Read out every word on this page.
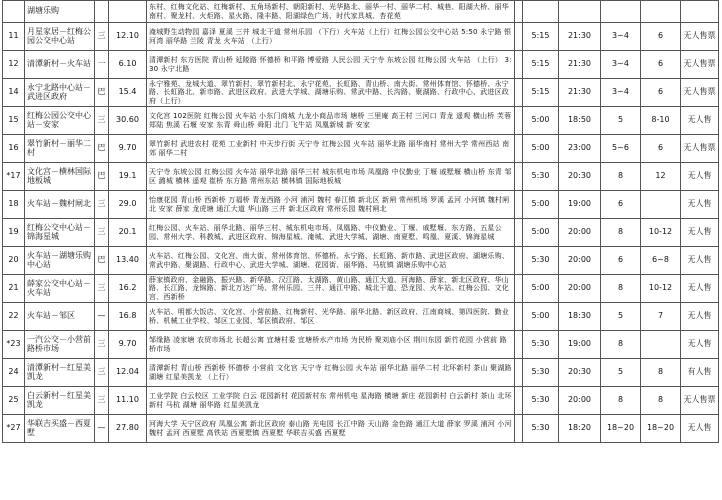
	湖塘乐购			东村、红梅文化站、红梅新村、五角场新村、朝阳新村、光华路北、丽华一村、丽华二村、城巷、阳湖大桥、丽华南村、聚龙村、火炬路、星火路、隆丰路、阳湖绿色广场、时代家具城、杏花苑						
11	月星家居－红梅公园公交中心站	三	12.10	淹城野生动物园 嘉泽 夏溪 三井 城北干道 常州乐园 （下行）火车站（上行）红梅公园公交中心站 5:50 永宁路 银河湾 丽华路 兰陵 青龙 火车站 （上行）		5:15	21:30	3~4	6	无人售票
12	清潭新村－火车站	一	6.10	清潭新村 东方医院 青山桥 延陵路 怀德桥 和平路 博爱路 人民公园 天宁寺 东坡公园 红梅公园 火车站 （上行） 3:30 永宁北路		5:15	21:30	3~4	6	无人售票
14	永宁北路中心站－武进区政府	巴	15.4	永宁雅苑、龙城大道、翠竹新村、翠竹新村北、永宁花苑、长虹路、青山桥、南大街、常州体育馆、怀德桥、永宁路、长虹路北、新市路、武进区政府、武进大学城、湖塘乐购、常武中路、长沟路、聚湖路、行政中心、武进区政府（上行）		5:15	21:30	3~4	6	无人售票
15	红梅公园公交中心站－安家	三	30.60	文化宫 102医院 红梅公园 火车站 小东门商城 九龙小商品市场 塘桥 三里庵 高王村 三河口 青龙 遥观 横山桥 芙蓉 郑陆 焦溪 石堰 安家 东青 舜山桥 舜阳 北门 飞牛站 凤凰新城 新 安家		5:00	18:50	5	8-10	无人售
16	翠竹新村－丽华二村	巴	9.70	翠竹新村 武进农村 花苑 工业新村 中天步行街 天宁寺 红梅公园 火车站 丽华北路 丽华南村 常州大学 常州西站 南郊 丽华二村		5:00	23:00	5~6	6	无人售票
*17	文化宫－横林国际地板城	巴	19.1	天宁寺 东坡公园 红梅公园 火车站 丽华北路 丽华三村 城东机电市场 凤凰路 中仪勤业 丁堰 戚墅堰 横山桥 东青 邹区 潞城 横林 遥观 崔桥 东方路 常州东站 横林镇 国际地板城		5:30	20:30	8	12	无人售
18	火车站－魏村闸北	三	29.0	怡康花园 青山桥 西新桥 万福桥 青龙西路 小河 浦河 魏村 春江镇 新北区 新闸 常州机场 罗溪 孟河 小河镇 魏村闸北 安家 薛家 龙虎塘 通江大道 华山路 三井 新北区政府 常州乐园 魏村闸北		5:00	19:00	6		无人售
19	红梅公交中心站－锦海星城	三	20.1	红梅公园、火车站、丽华北路、丽华三村、城东机电市场、凤凰路、中仪勤业、丁堰、戚墅堰、东方路、五星公园、常州大学、科教城、武进区政府、锦海星城、淹城、武进大学城、湖塘、南夏墅、鸣凰、夏溪、锦海星城		5:00	20:00	8	10-12	无人售
20	火车站－湖塘乐购中心站	巴	13.40	火车站、红梅公园、文化宫、南大街、常州体育馆、怀德桥、永宁路、长虹路、新市路、武进区政府、湖塘乐购、常武中路、聚湖路、行政中心、武进大学城、湖塘、花园街、丽华路、马杭镇 湖塘乐购中心站		5:30	20:00	6	6~8	无人售
21	薛家公交中心站－火车站	三	16.2	薛家镇政府、金融路、振兴路、新华路、汉江路、太湖路、黄山路、通江大道、河海路、薛家、新北区政府、华山路、长江路、龙锦路、新北万达广场、常州乐园、三井、通江中路、城北干道、恐龙园、火车站、红梅公园、文化宫、西新桥		5:00	20:00	8	10-12	无人售
22	火车站－邹区	—	16.8	火车站、明都大饭店、文化宫、小营前路、红梅新村、光华路、丽华北路、新区政府、江南商城、第四医院、勤业桥、机械工业学校、邹区工业园、邹区镇政府、邹区		5:00	18:30	5	7	无人售
*23	一汽公交－小营前路桥市场	三	9.70	邹缘路 凌家塘 农贸市场北 长超公寓 宜塘村委 宜塘桥水产市场 为民桥 聚刘庙小区 荆川东园 新竹花园 小营前 路桥市场		5:30	19:00	8		无人售
24	清潭新村－红星美凯龙	三	12.04	清潭新村 青山桥 西新桥 怀德桥 小营前 文化宫 天宁寺 红梅公园 火车站 丽华北路 丽华二村 北环新村 茶山 聚湖路 湖塘 红星美凯龙 （上行）		5:30	20:30	5	8	有人售
25	白云新村－红星美凯龙	三	11.10	工业学院 白云校区 工业学院 白云 花园新村 花园新村东 常州机电 星海路 横塘 新庄 花园新村 白云新村 茶山 北环新村 马杭 湖塘 丽华路 红星美凯龙		5:30	20:00	8	8	无人售票
*27	华联吉买盛－西夏墅	—	27.80	河海大学 天宁区政府 凤凰公寓 新北区政府 泰山路 光电园 长江中路 天山路 金色路 通江大道 薛家 罗溪 浦河 小河 魏村 孟河 西夏墅 高铁站 西夏墅镇 西夏墅 华联吉买盛 西夏墅		5:30	18:20	18~20	18~20	无人售
